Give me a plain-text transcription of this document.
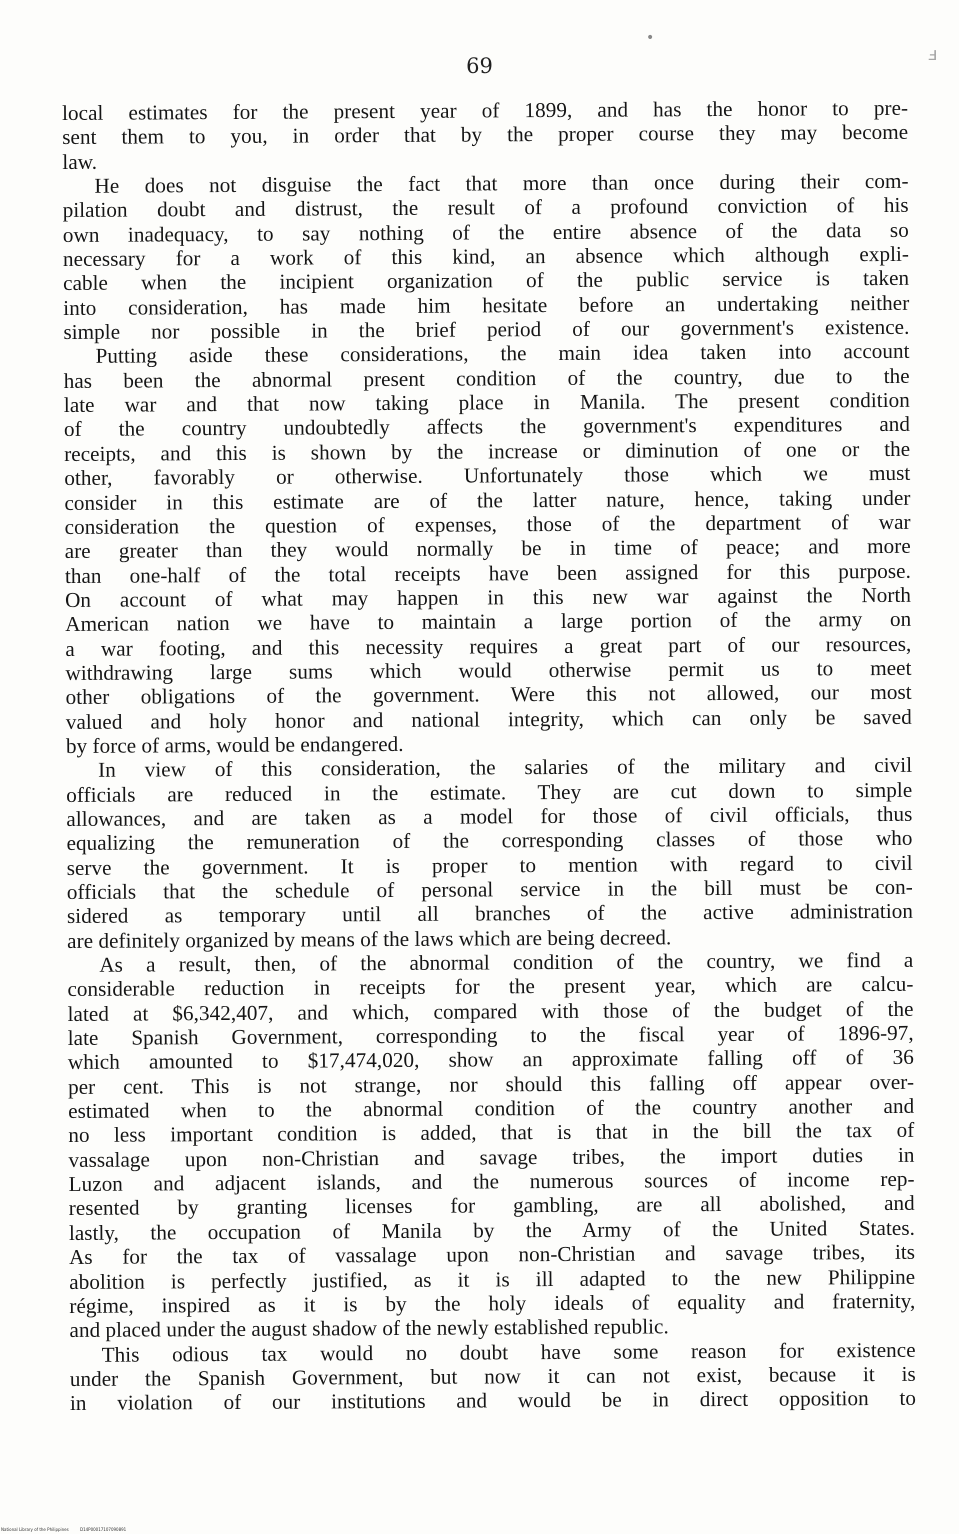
•
ⅎ
69
local estimates for the present year of 1899, and has the honor to pre-
sent them to you, in order that by the proper course they may become
law.
He does not disguise the fact that more than once during their com-
pilation doubt and distrust, the result of a profound conviction of his
own inadequacy, to say nothing of the entire absence of the data so
necessary for a work of this kind, an absence which although expli-
cable when the incipient organization of the public service is taken
into consideration, has made him hesitate before an undertaking neither
simple nor possible in the brief period of our government's existence.
Putting aside these considerations, the main idea taken into account
has been the abnormal present condition of the country, due to the
late war and that now taking place in Manila. The present condition
of the country undoubtedly affects the government's expenditures and
receipts, and this is shown by the increase or diminution of one or the
other, favorably or otherwise. Unfortunately those which we must
consider in this estimate are of the latter nature, hence, taking under
consideration the question of expenses, those of the department of war
are greater than they would normally be in time of peace; and more
than one-half of the total receipts have been assigned for this purpose.
On account of what may happen in this new war against the North
American nation we have to maintain a large portion of the army on
a war footing, and this necessity requires a great part of our resources,
withdrawing large sums which would otherwise permit us to meet
other obligations of the government. Were this not allowed, our most
valued and holy honor and national integrity, which can only be saved
by force of arms, would be endangered.
In view of this consideration, the salaries of the military and civil
officials are reduced in the estimate. They are cut down to simple
allowances, and are taken as a model for those of civil officials, thus
equalizing the remuneration of the corresponding classes of those who
serve the government. It is proper to mention with regard to civil
officials that the schedule of personal service in the bill must be con-
sidered as temporary until all branches of the active administration
are definitely organized by means of the laws which are being decreed.
As a result, then, of the abnormal condition of the country, we find a
considerable reduction in receipts for the present year, which are calcu-
lated at $6,342,407, and which, compared with those of the budget of the
late Spanish Government, corresponding to the fiscal year of 1896-97,
which amounted to $17,474,020, show an approximate falling off of 36
per cent. This is not strange, nor should this falling off appear over-
estimated when to the abnormal condition of the country another and
no less important condition is added, that is that in the bill the tax of
vassalage upon non-Christian and savage tribes, the import duties in
Luzon and adjacent islands, and the numerous sources of income rep-
resented by granting licenses for gambling, are all abolished, and
lastly, the occupation of Manila by the Army of the United States.
As for the tax of vassalage upon non-Christian and savage tribes, its
abolition is perfectly justified, as it is ill adapted to the new Philippine
régime, inspired as it is by the holy ideals of equality and fraternity,
and placed under the august shadow of the newly established republic.
This odious tax would no doubt have some reason for existence
under the Spanish Government, but now it can not exist, because it is
in violation of our institutions and would be in direct opposition to
National Library of the Philippines	D14P00017107090891
